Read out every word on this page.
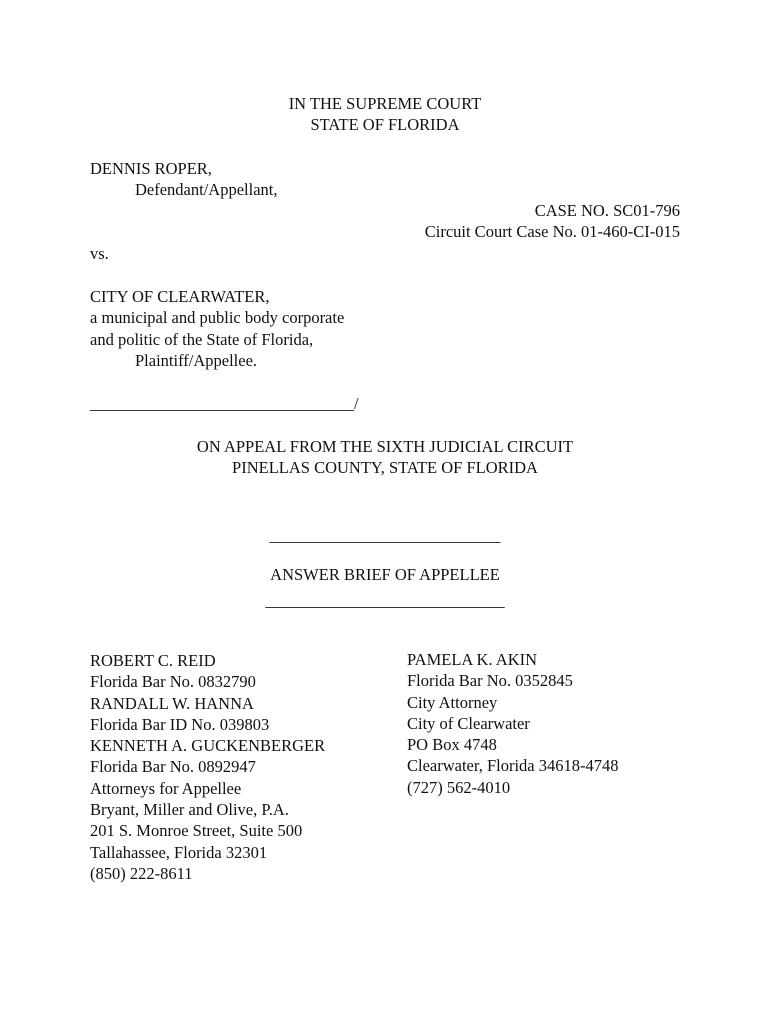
IN THE SUPREME COURT
STATE OF FLORIDA
DENNIS ROPER,
Defendant/Appellant,
CASE NO. SC01-796
Circuit Court Case No. 01-460-CI-015
vs.
CITY OF CLEARWATER,
a municipal and public body corporate
and politic of the State of Florida,
Plaintiff/Appellee.
________________________________/
ON APPEAL FROM THE SIXTH JUDICIAL CIRCUIT
PINELLAS COUNTY, STATE OF FLORIDA
____________________________
ANSWER BRIEF OF APPELLEE
_____________________________
ROBERT C. REID
Florida Bar No. 0832790
RANDALL W. HANNA
Florida Bar ID No. 039803
KENNETH A. GUCKENBERGER
Florida Bar No. 0892947
Attorneys for Appellee
Bryant, Miller and Olive, P.A.
201 S. Monroe Street, Suite 500
Tallahassee, Florida 32301
(850) 222-8611
PAMELA K. AKIN
Florida Bar No. 0352845
City Attorney
City of Clearwater
PO Box 4748
Clearwater, Florida 34618-4748
(727) 562-4010
